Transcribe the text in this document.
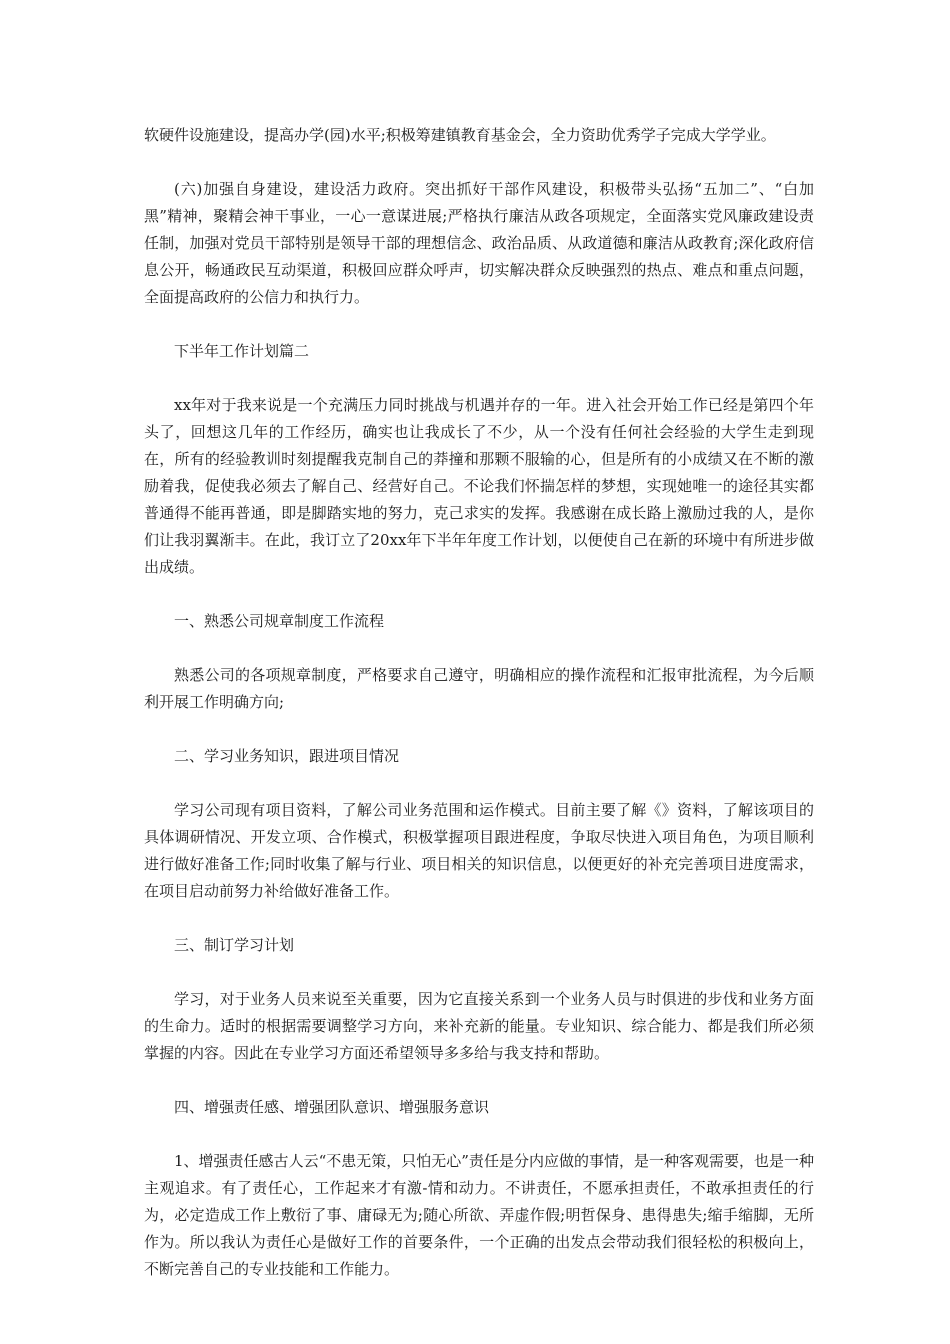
软硬件设施建设，提高办学(园)水平;积极筹建镇教育基金会，全力资助优秀学子完成大学学业。

(六)加强自身建设，建设活力政府。突出抓好干部作风建设，积极带头弘扬“五加二”、“白加黑”精神，聚精会神干事业，一心一意谋进展;严格执行廉洁从政各项规定，全面落实党风廉政建设责任制，加强对党员干部特别是领导干部的理想信念、政治品质、从政道德和廉洁从政教育;深化政府信息公开，畅通政民互动渠道，积极回应群众呼声，切实解决群众反映强烈的热点、难点和重点问题，全面提高政府的公信力和执行力。

下半年工作计划篇二

xx年对于我来说是一个充满压力同时挑战与机遇并存的一年。进入社会开始工作已经是第四个年头了，回想这几年的工作经历，确实也让我成长了不少，从一个没有任何社会经验的大学生走到现在，所有的经验教训时刻提醒我克制自己的莽撞和那颗不服输的心，但是所有的小成绩又在不断的激励着我，促使我必须去了解自己、经营好自己。不论我们怀揣怎样的梦想，实现她唯一的途径其实都普通得不能再普通，即是脚踏实地的努力，克己求实的发挥。我感谢在成长路上激励过我的人，是你们让我羽翼渐丰。在此，我订立了20xx年下半年年度工作计划，以便使自己在新的环境中有所进步做出成绩。

一、熟悉公司规章制度工作流程

熟悉公司的各项规章制度，严格要求自己遵守，明确相应的操作流程和汇报审批流程，为今后顺利开展工作明确方向;

二、学习业务知识，跟进项目情况

学习公司现有项目资料，了解公司业务范围和运作模式。目前主要了解《》资料，了解该项目的具体调研情况、开发立项、合作模式，积极掌握项目跟进程度，争取尽快进入项目角色，为项目顺利进行做好准备工作;同时收集了解与行业、项目相关的知识信息，以便更好的补充完善项目进度需求，在项目启动前努力补给做好准备工作。

三、制订学习计划

学习，对于业务人员来说至关重要，因为它直接关系到一个业务人员与时俱进的步伐和业务方面的生命力。适时的根据需要调整学习方向，来补充新的能量。专业知识、综合能力、都是我们所必须掌握的内容。因此在专业学习方面还希望领导多多给与我支持和帮助。

四、增强责任感、增强团队意识、增强服务意识

1、增强责任感古人云“不患无策，只怕无心”责任是分内应做的事情，是一种客观需要，也是一种主观追求。有了责任心，工作起来才有激-情和动力。不讲责任，不愿承担责任，不敢承担责任的行为，必定造成工作上敷衍了事、庸碌无为;随心所欲、弄虚作假;明哲保身、患得患失;缩手缩脚，无所作为。所以我认为责任心是做好工作的首要条件，一个正确的出发点会带动我们很轻松的积极向上，不断完善自己的专业技能和工作能力。
